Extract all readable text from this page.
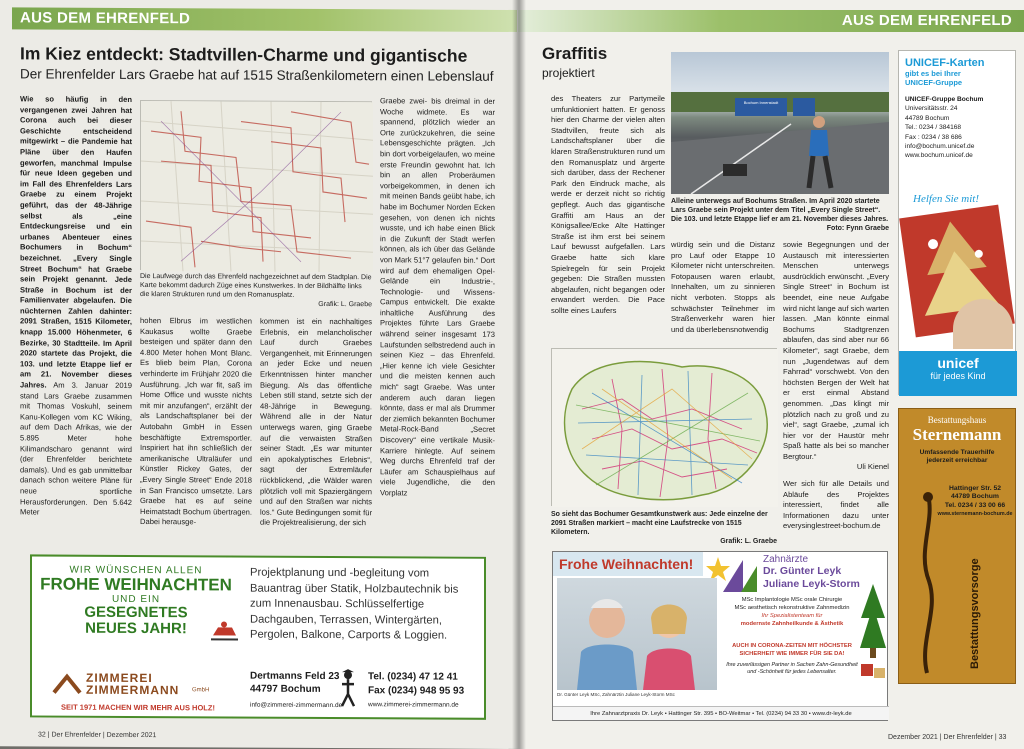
AUS DEM EHRENFELD
Im Kiez entdeckt: Stadtvillen-Charme und gigantische
Der Ehrenfelder Lars Graebe hat auf 1515 Straßenkilometern einen Lebenslauf
Wie so häufig in den vergangenen zwei Jahren hat Corona auch bei dieser Geschichte entscheidend mitgewirkt – die Pandemie hat Pläne über den Haufen geworfen, manchmal Impulse für neue Ideen gegeben und im Fall des Ehrenfelders Lars Graebe zu einem Projekt geführt, das der 48-Jährige selbst als „eine Entdeckungsreise und ein urbanes Abenteuer eines Bochumers in Bochum“ bezeichnet. „Every Single Street Bochum“ hat Graebe sein Projekt genannt. Jede Straße in Bochum ist der Familienvater abgelaufen. Die nüchternen Zahlen dahinter: 2091 Straßen, 1515 Kilometer, knapp 15.000 Höhenmeter, 6 Bezirke, 30 Stadtteile. Im April 2020 startete das Projekt, die 103. und letzte Etappe lief er am 21. November dieses Jahres. Am 3. Januar 2019 stand Lars Graebe zusammen mit Thomas Voskuhl, seinem Kanu-Kollegen vom KC Wiking, auf dem Dach Afrikas, wie der 5.895 Meter hohe Kilimandscharo genannt wird (der Ehrenfelder berichtete damals). Und es gab unmittelbar danach schon weitere Pläne für neue sportliche Herausforderungen. Den 5.642 Meter
Die Laufwege durch das Ehrenfeld nachgezeichnet auf dem Stadtplan. Die Karte bekommt dadurch Züge eines Kunstwerkes. In der Bildhälfte links die klaren Strukturen rund um den Romanusplatz.
Grafik: L. Graebe
hohen Elbrus im westlichen Kaukasus wollte Graebe besteigen und später dann den 4.800 Meter hohen Mont Blanc. Es blieb beim Plan, Corona verhinderte im Frühjahr 2020 die Ausführung. „Ich war fit, saß im Home Office und wusste nichts mit mir anzufangen“, erzählt der als Landschaftsplaner bei der Autobahn GmbH in Essen beschäftigte Extremsportler. Inspiriert hat ihn schließlich der amerikanische Ultraläufer und Künstler Rickey Gates, der „Every Single Street“ Ende 2018 in San Francisco umsetzte. Lars Graebe hat es auf seine Heimatstadt Bochum übertragen. Dabei herausge-
kommen ist ein nachhaltiges Erlebnis, ein melancholischer Lauf durch Graebes Vergangenheit, mit Erinnerungen an jeder Ecke und neuen Erkenntnissen hinter mancher Biegung. Als das öffentliche Leben still stand, setzte sich der 48-Jährige in Bewegung. Während alle in der Natur unterwegs waren, ging Graebe auf die verwaisten Straßen seiner Stadt. „Es war mitunter ein apokalyptisches Erlebnis“, sagt der Extremläufer rückblickend, „die Wälder waren plötzlich voll mit Spaziergängern und auf den Straßen war nichts los.“ Gute Bedingungen somit für die Projektrealisierung, der sich
Graebe zwei- bis dreimal in der Woche widmete. Es war spannend, plötzlich wieder an Orte zurückzukehren, die seine Lebensgeschichte prägten. „Ich bin dort vorbeigelaufen, wo meine erste Freundin gewohnt hat. Ich bin an allen Proberäumen vorbeigekommen, in denen ich mit meinen Bands geübt habe, ich habe im Bochumer Norden Ecken gesehen, von denen ich nichts wusste, und ich habe einen Blick in die Zukunft der Stadt werfen können, als ich über das Gelände von Mark 51°7 gelaufen bin.“ Dort wird auf dem ehemaligen Opel-Gelände ein Industrie-, Technologie- und Wissens-Campus entwickelt. Die exakte inhaltliche Ausführung des Projektes führte Lars Graebe während seiner insgesamt 173 Laufstunden selbstredend auch in seinen Kiez – das Ehrenfeld. „Hier kenne ich viele Gesichter und die meisten kennen auch mich“ sagt Graebe. Was unter anderem auch daran liegen könnte, dass er mal als Drummer der ziemlich bekannten Bochumer Metal-Rock-Band „Secret Discovery“ eine vertikale Musik-Karriere hinlegte. Auf seinem Weg durchs Ehrenfeld traf der Läufer am Schauspielhaus auf viele Jugendliche, die den Vorplatz
WIR WÜNSCHEN ALLEN
FROHE WEIHNACHTEN
UND EIN
GESEGNETES
NEUES JAHR!
Projektplanung und -begleitung vom Bauantrag über Statik, Holzbautechnik bis zum Innenausbau. Schlüsselfertige Dachgauben, Terrassen, Wintergärten, Pergolen, Balkone, Carports & Loggien.
ZIMMEREI
ZIMMERMANN GmbH
SEIT 1971 MACHEN WIR MEHR AUS HOLZ!
Dertmanns Feld 23
44797 Bochum
info@zimmerei-zimmermann.de
Tel. (0234) 47 12 41
Fax (0234) 948 95 93
www.zimmerei-zimmermann.de
32 | Der Ehrenfelder | Dezember 2021
AUS DEM EHRENFELD
Graffitis
projektiert
des Theaters zur Partymeile umfunktioniert hatten. Er genoss hier den Charme der vielen alten Stadtvillen, freute sich als Landschaftsplaner über die klaren Straßenstrukturen rund um den Romanusplatz und ärgerte sich darüber, dass der Rechener Park den Eindruck mache, als werde er derzeit nicht so richtig gepflegt. Auch das gigantische Graffiti am Haus an der Königsallee/Ecke Alte Hattinger Straße ist ihm erst bei seinem Lauf bewusst aufgefallen. Lars Graebe hatte sich klare Spielregeln für sein Projekt gegeben: Die Straßen mussten abgelaufen, nicht begangen oder erwandert werden. Die Pace sollte eines Laufers
Bochum Innenstadt
Alleine unterwegs auf Bochums Straßen. Im April 2020 startete Lars Graebe sein Projekt unter dem Titel „Every Single Street“. Die 103. und letzte Etappe lief er am 21. November dieses Jahres.
Foto: Fynn Graebe
würdig sein und die Distanz pro Lauf oder Etappe 10 Kilometer nicht unterschreiten. Fotopausen waren erlaubt, Innehalten, um zu sinnieren nicht verboten. Stopps als schwächster Teilnehmer im Straßenverkehr waren hier und da überlebensnotwendig
sowie Begegnungen und der Austausch mit interessierten Menschen unterwegs ausdrücklich erwünscht. „Every Single Street“ in Bochum ist beendet, eine neue Aufgabe wird nicht lange auf sich warten lassen. „Man könnte einmal Bochums Stadtgrenzen ablaufen, das sind aber nur 66 Kilometer“, sagt Graebe, dem nun „Jugendetwas auf dem Fahrrad“ vorschwebt. Von den höchsten Bergen der Welt hat er erst einmal Abstand genommen. „Das klingt mir plötzlich nach zu groß und zu viel“, sagt Graebe, „zumal ich hier vor der Haustür mehr Spaß hatte als bei so mancher Bergtour.“
Uli Kienel
Wer sich für alle Details und Abläufe des Projektes interessiert, findet alle Informationen dazu unter everysinglestreet-bochum.de
So sieht das Bochumer Gesamtkunstwerk aus: Jede einzelne der 2091 Straßen markiert – macht eine Laufstrecke von 1515 Kilometern.
Grafik: L. Graebe
Frohe Weihnachten!
Dr. Günter Leyk MSc, Zahnärztin Juliane Leyk-Storm MSc
Zahnärzte
Dr. Günter Leyk
Juliane Leyk-Storm
MSc Implantologie MSc orale Chirurgie
MSc aesthetisch rekonstruktive Zahnmedizin
Ihr Spezialistenteam für
modernste Zahnheilkunde & Ästhetik
AUCH IN CORONA-ZEITEN MIT HÖCHSTER
SICHERHEIT WIE IMMER FÜR SIE DA!
Ihre zuverlässigen Partner in Sachen Zahn-Gesundheit und -Schönheit für jedes Lebensalter.
Ihre Zahnarztpraxis Dr. Leyk • Hattinger Str. 395 • BO-Weitmar • Tel. (0234) 94 33 30 • www.dr-leyk.de
UNICEF-Karten
gibt es bei Ihrer
UNICEF-Gruppe
UNICEF-Gruppe Bochum
Universitätsstr. 24
44789 Bochum
Tel.: 0234 / 384168
Fax : 0234 / 38 686
info@bochum.unicef.de
www.bochum.unicef.de
Helfen Sie mit!
unicef
für jedes Kind
Bestattungshaus
Sternemann
Umfassende Trauerhilfe
jederzeit erreichbar
Hattinger Str. 52
44789 Bochum
Tel. 0234 / 33 00 66
www.sternemann-bochum.de
Bestattungsvorsorge
Dezember 2021 | Der Ehrenfelder | 33
